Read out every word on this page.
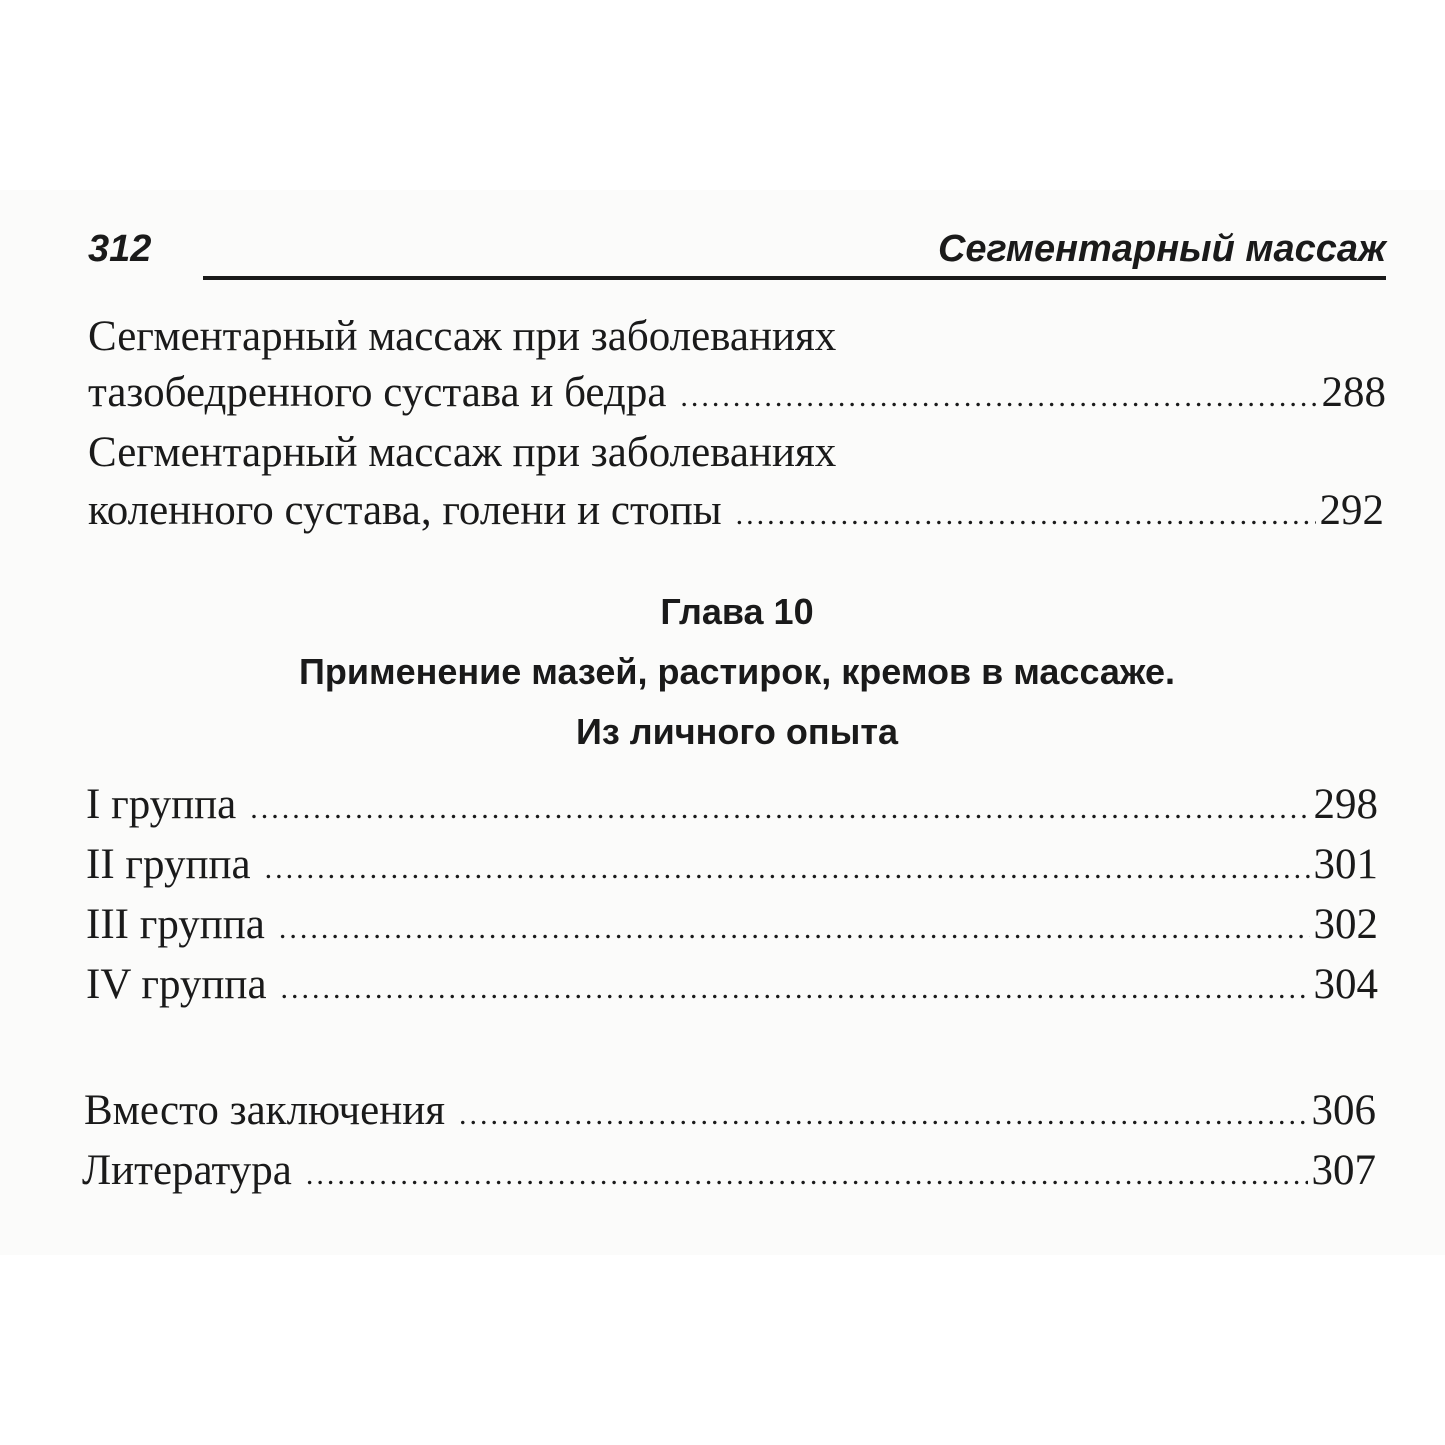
312	Сегментарный массаж
Сегментарный массаж при заболеваниях
тазобедренного сустава и бедра .....	288
Сегментарный массаж при заболеваниях
коленного сустава, голени и стопы .....	292
Глава 10
Применение мазей, растирок, кремов в массаже.
Из личного опыта
I группа .....	298
II группа .....	301
III группа .....	302
IV группа .....	304
Вместо заключения .....	306
Литература .....	307
